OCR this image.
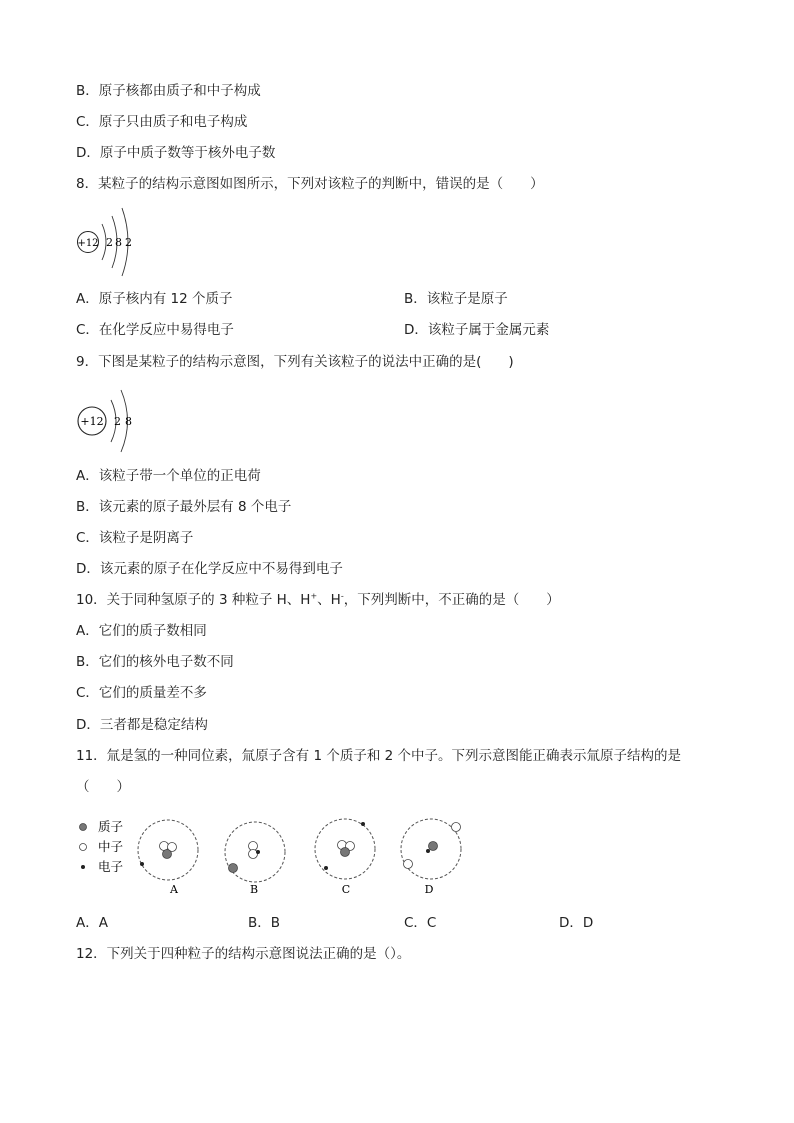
B．原子核都由质子和中子构成
C．原子只由质子和电子构成
D．原子中质子数等于核外电子数
8．某粒子的结构示意图如图所示，下列对该粒子的判断中，错误的是（　　）
+12 2 8 2
A．原子核内有 12 个质子	B．该粒子是原子
C．在化学反应中易得电子	D．该粒子属于金属元素
9．下图是某粒子的结构示意图，下列有关该粒子的说法中正确的是(　　)
+12 2 8
A．该粒子带一个单位的正电荷
B．该元素的原子最外层有 8 个电子
C．该粒子是阴离子
D．该元素的原子在化学反应中不易得到电子
10．关于同种氢原子的 3 种粒子 H、H+、H-，下列判断中，不正确的是（　　）
A．它们的质子数相同
B．它们的核外电子数不同
C．它们的质量差不多
D．三者都是稳定结构
11．氚是氢的一种同位素，氚原子含有 1 个质子和 2 个中子。下列示意图能正确表示氚原子结构的是
（　　）
质子
中子
电子
A	B	C	D
A．A	B．B	C．C	D．D
12．下列关于四种粒子的结构示意图说法正确的是（）。
